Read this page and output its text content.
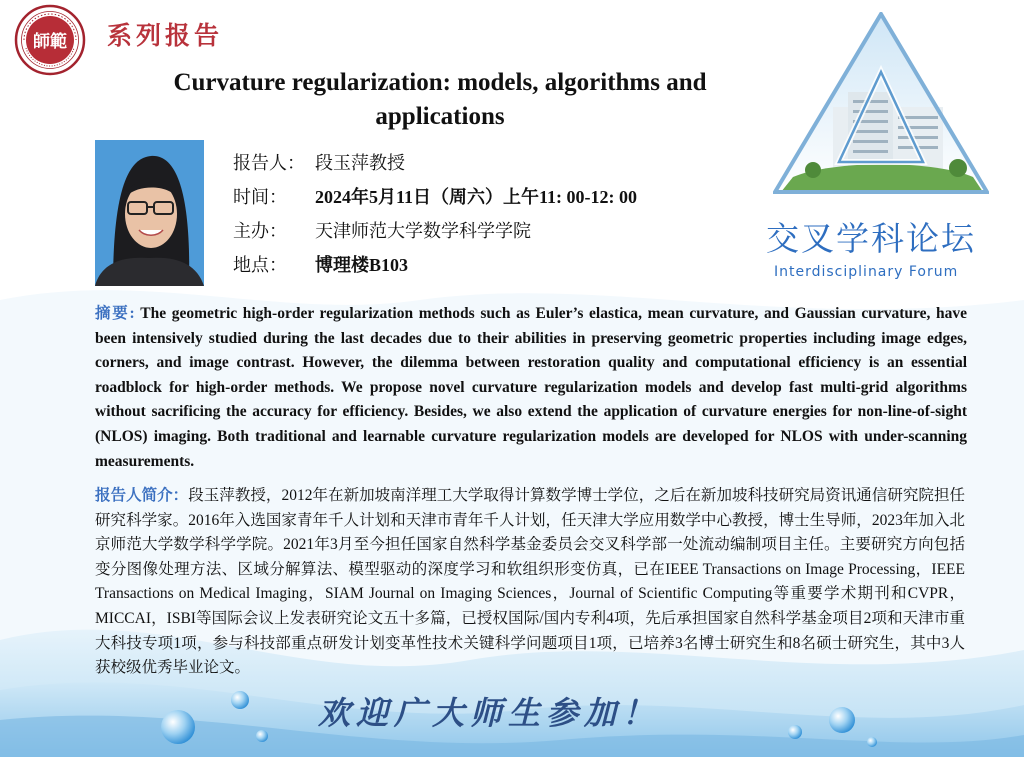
師範 系列报告
Curvature regularization: models, algorithms and applications
报告人： 段玉萍教授
时间： 2024年5月11日（周六）上午11: 00-12: 00
主办： 天津师范大学数学科学学院
地点： 博理楼B103
交叉学科论坛
Interdisciplinary Forum
摘要: The geometric high-order regularization methods such as Euler’s elastica, mean curvature, and Gaussian curvature, have been intensively studied during the last decades due to their abilities in preserving geometric properties including image edges, corners, and image contrast. However, the dilemma between restoration quality and computational efficiency is an essential roadblock for high-order methods. We propose novel curvature regularization models and develop fast multi-grid algorithms without sacrificing the accuracy for efficiency. Besides, we also extend the application of curvature energies for non-line-of-sight (NLOS) imaging. Both traditional and learnable curvature regularization models are developed for NLOS with under-scanning measurements.
报告人简介：段玉萍教授，2012年在新加坡南洋理工大学取得计算数学博士学位，之后在新加坡科技研究局资讯通信研究院担任研究科学家。2016年入选国家青年千人计划和天津市青年千人计划，任天津大学应用数学中心教授，博士生导师，2023年加入北京师范大学数学科学学院。2021年3月至今担任国家自然科学基金委员会交叉科学部一处流动编制项目主任。主要研究方向包括变分图像处理方法、区域分解算法、模型驱动的深度学习和软组织形变仿真，已在IEEE Transactions on Image Processing，IEEE Transactions on Medical Imaging，SIAM Journal on Imaging Sciences，Journal of Scientific Computing等重要学术期刊和CVPR，MICCAI，ISBI等国际会议上发表研究论文五十多篇，已授权国际/国内专利4项，先后承担国家自然科学基金项目2项和天津市重大科技专项1项，参与科技部重点研发计划变革性技术关键科学问题项目1项，已培养3名博士研究生和8名硕士研究生，其中3人获校级优秀毕业论文。
欢迎广大师生参加！
